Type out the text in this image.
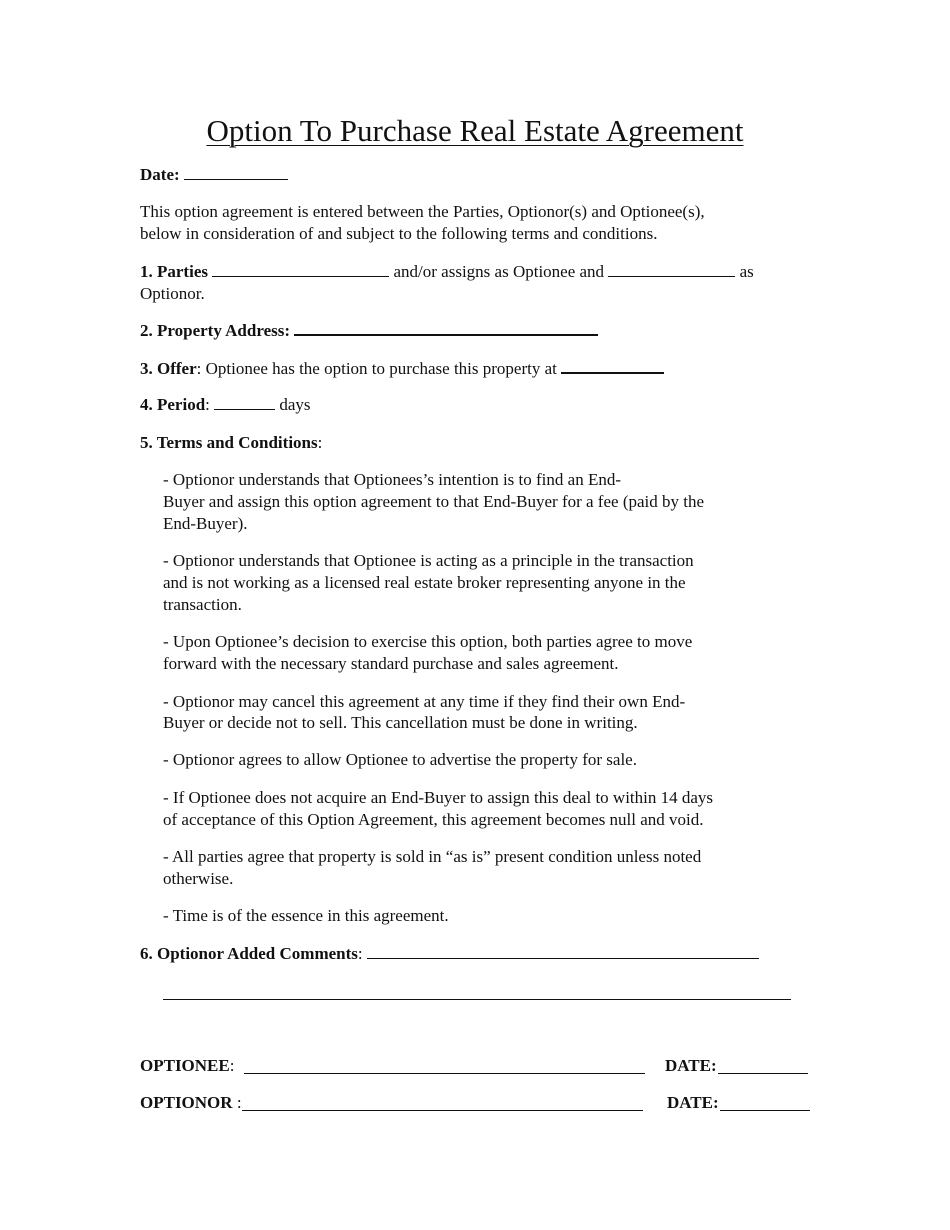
Option To Purchase Real Estate Agreement
Date:
This option agreement is entered between the Parties, Optionor(s) and Optionee(s),
below in consideration of and subject to the following terms and conditions.
1. Parties	and/or assigns as Optionee and	as
Optionor.
2. Property Address:
3. Offer: Optionee has the option to purchase this property at
4. Period:	days
5. Terms and Conditions:
- Optionor understands that Optionees’s intention is to find an End-
Buyer and assign this option agreement to that End-Buyer for a fee (paid by the
End-Buyer).
- Optionor understands that Optionee is acting as a principle in the transaction
and is not working as a licensed real estate broker representing anyone in the
transaction.
- Upon Optionee’s decision to exercise this option, both parties agree to move
forward with the necessary standard purchase and sales agreement.
- Optionor may cancel this agreement at any time if they find their own End-
Buyer or decide not to sell. This cancellation must be done in writing.
- Optionor agrees to allow Optionee to advertise the property for sale.
- If Optionee does not acquire an End-Buyer to assign this deal to within 14 days
of acceptance of this Option Agreement, this agreement becomes null and void.
- All parties agree that property is sold in “as is” present condition unless noted
otherwise.
- Time is of the essence in this agreement.
6. Optionor Added Comments:
OPTIONEE:	DATE:
OPTIONOR :	DATE:
